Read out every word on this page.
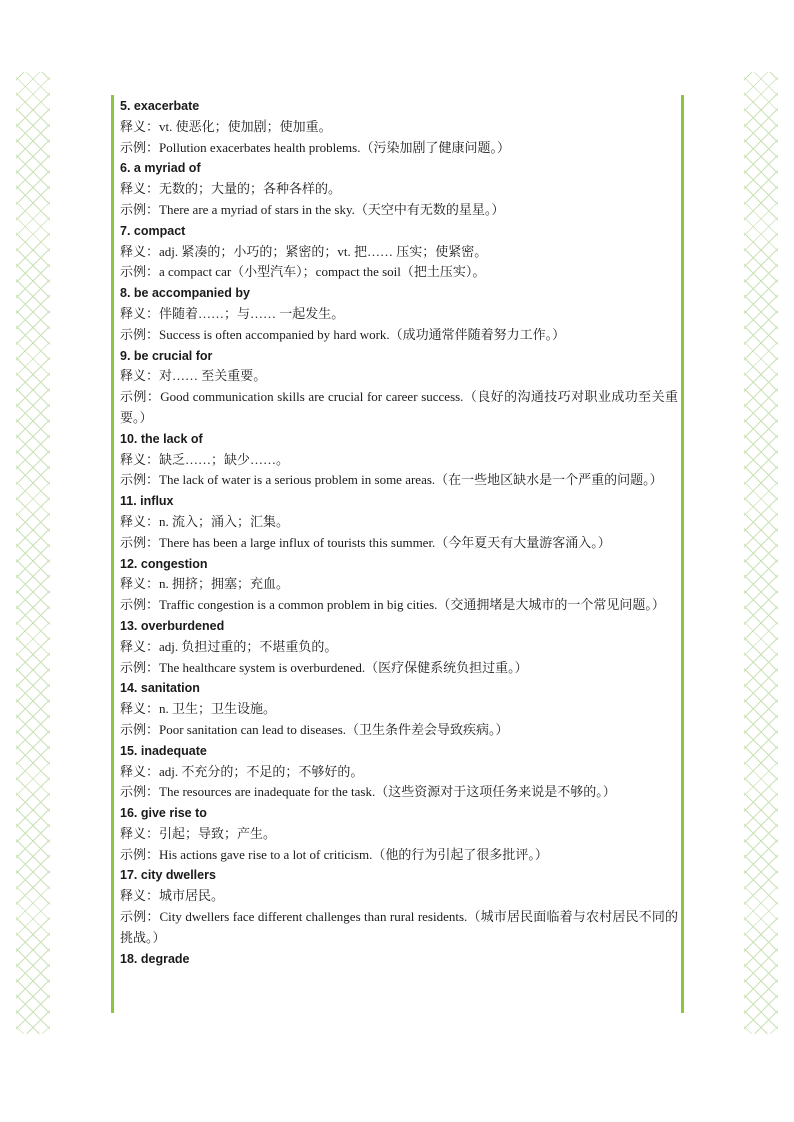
5. exacerbate

释义：vt. 使恶化；使加剧；使加重。

示例：Pollution exacerbates health problems.（污染加剧了健康问题。）

6. a myriad of

释义：无数的；大量的；各种各样的。

示例：There are a myriad of stars in the sky.（天空中有无数的星星。）

7. compact

释义：adj. 紧凑的；小巧的；紧密的；vt. 把…… 压实；使紧密。

示例：a compact car（小型汽车）；compact the soil（把土压实）。

8. be accompanied by

释义：伴随着……；与…… 一起发生。

示例：Success is often accompanied by hard work.（成功通常伴随着努力工作。）

9. be crucial for

释义：对…… 至关重要。

示例：Good communication skills are crucial for career success.（良好的沟通技巧对职业成功至关重要。）

10. the lack of

释义：缺乏……；缺少……。

示例：The lack of water is a serious problem in some areas.（在一些地区缺水是一个严重的问题。）

11. influx

释义：n. 流入；涌入；汇集。

示例：There has been a large influx of tourists this summer.（今年夏天有大量游客涌入。）

12. congestion

释义：n. 拥挤；拥塞；充血。

示例：Traffic congestion is a common problem in big cities.（交通拥堵是大城市的一个常见问题。）

13. overburdened

释义：adj. 负担过重的；不堪重负的。

示例：The healthcare system is overburdened.（医疗保健系统负担过重。）

14. sanitation

释义：n. 卫生；卫生设施。

示例：Poor sanitation can lead to diseases.（卫生条件差会导致疾病。）

15. inadequate

释义：adj. 不充分的；不足的；不够好的。

示例：The resources are inadequate for the task.（这些资源对于这项任务来说是不够的。）

16. give rise to

释义：引起；导致；产生。

示例：His actions gave rise to a lot of criticism.（他的行为引起了很多批评。）

17. city dwellers

释义：城市居民。

示例：City dwellers face different challenges than rural residents.（城市居民面临着与农村居民不同的挑战。）

18. degrade
